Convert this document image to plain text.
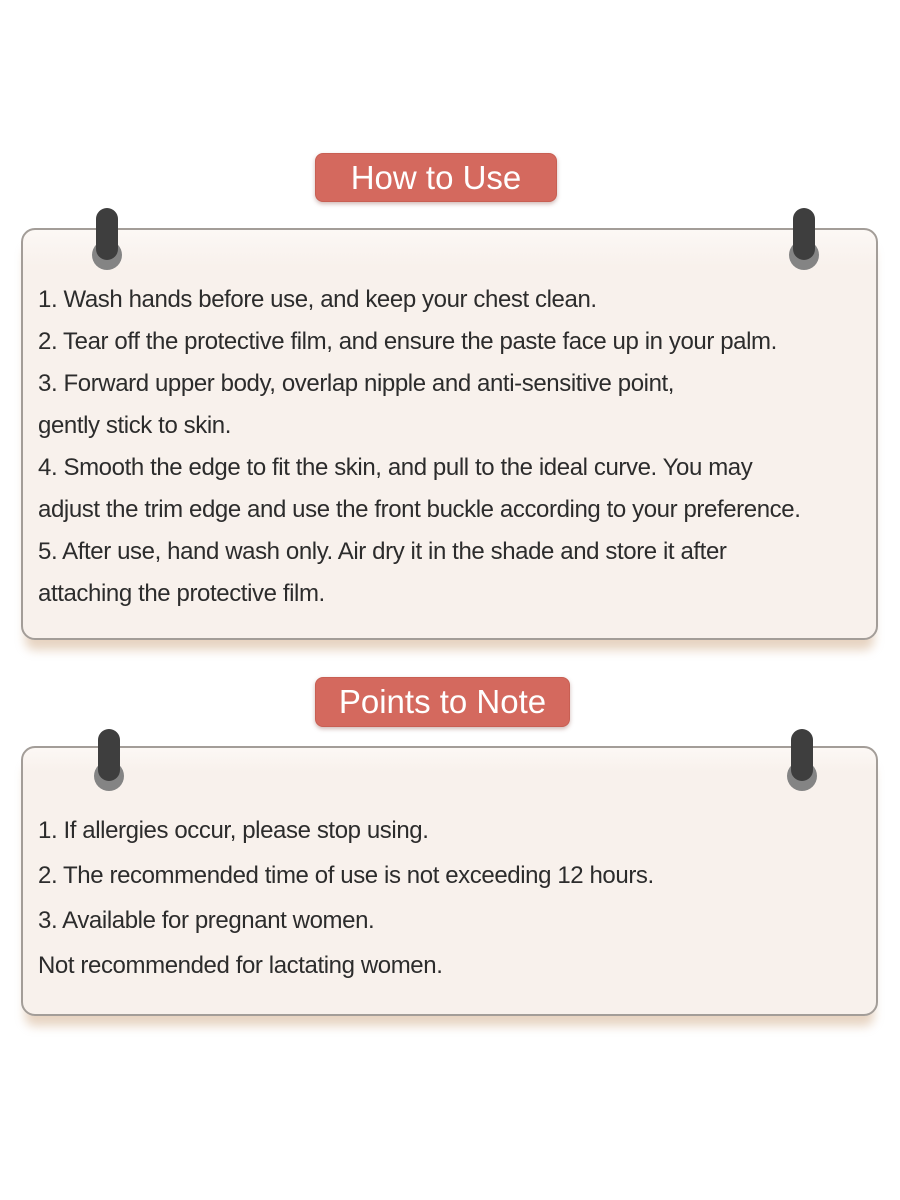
How to Use
1. Wash hands before use, and keep your chest clean.
2. Tear off the protective film, and ensure the paste face up in your palm.
3. Forward upper body, overlap nipple and anti-sensitive point,
gently stick to skin.
4. Smooth the edge to fit the skin, and pull to the ideal curve. You may
adjust the trim edge and use the front buckle according to your preference.
5. After use, hand wash only. Air dry it in the shade and store it after
attaching the protective film.
Points to Note
1. If allergies occur, please stop using.
2. The recommended time of use is not exceeding 12 hours.
3. Available for pregnant women.
Not recommended for lactating women.
